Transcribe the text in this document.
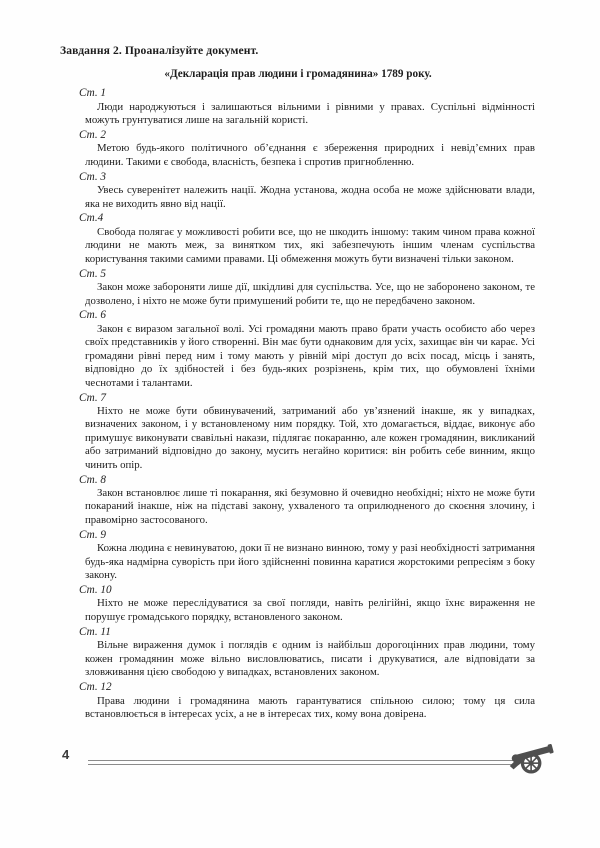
Завдання 2. Проаналізуйте документ.
«Декларація прав людини і громадянина» 1789 року.
Ст. 1

Люди народжуються і залишаються вільними і рівними у правах. Суспільні відмінності можуть грунтуватися лише на загальній користі.

Ст. 2

Метою будь-якого політичного об’єднання є збереження природних і невід’ємних прав людини. Такими є свобода, власність, безпека і спротив пригнобленню.

Ст. 3

Увесь суверенітет належить нації. Жодна установа, жодна особа не може здійснювати влади, яка не виходить явно від нації.

Ст.4

Свобода полягає у можливості робити все, що не шкодить іншому: таким чином права кожної людини не мають меж, за винятком тих, які забезпечують іншим членам суспільства користування такими самими правами. Ці обмеження можуть бути визначені тільки законом.

Ст. 5

Закон може забороняти лише дії, шкідливі для суспільства. Усе, що не заборонено законом, те дозволено, і ніхто не може бути примушений робити те, що не передбачено законом.

Ст. 6

Закон є виразом загальної волі. Усі громадяни мають право брати участь особисто або через своїх представників у його створенні. Він має бути однаковим для усіх, захищає він чи карає. Усі громадяни рівні перед ним і тому мають у рівній мірі доступ до всіх посад, місць і занять, відповідно до їх здібностей і без будь-яких розрізнень, крім тих, що обумовлені їхніми чеснотами і талантами.

Ст. 7

Ніхто не може бути обвинувачений, затриманий або ув’язнений інакше, як у випадках, визначених законом, і у встановленому ним порядку. Той, хто домагається, віддає, виконує або примушує виконувати свавільні накази, підлягає покаранню, але кожен громадянин, викликаний або затриманий відповідно до закону, мусить негайно коритися: він робить себе винним, якщо чинить опір.

Ст. 8

Закон встановлює лише ті покарання, які безумовно й очевидно необхідні; ніхто не може бути покараний інакше, ніж на підставі закону, ухваленого та оприлюдненого до скоєння злочину, і правомірно застосованого.

Ст. 9

Кожна людина є невинуватою, доки її не визнано винною, тому у разі необхідності затримання будь-яка надмірна суворість при його здійсненні повинна каратися жорстокими репресіям з боку закону.

Ст. 10

Ніхто не може переслідуватися за свої погляди, навіть релігійні, якщо їхнє вираження не порушує громадського порядку, встановленого законом.

Ст. 11

Вільне вираження думок і поглядів є одним із найбільш дорогоцінних прав людини, тому кожен громадянин може вільно висловлюватись, писати і друкуватися, але відповідати за зловживання цією свободою у випадках, встановлених законом.

Ст. 12

Права людини і громадянина мають гарантуватися спільною силою; тому ця сила встановлюється в інтересах усіх, а не в інтересах тих, кому вона довірена.

4
